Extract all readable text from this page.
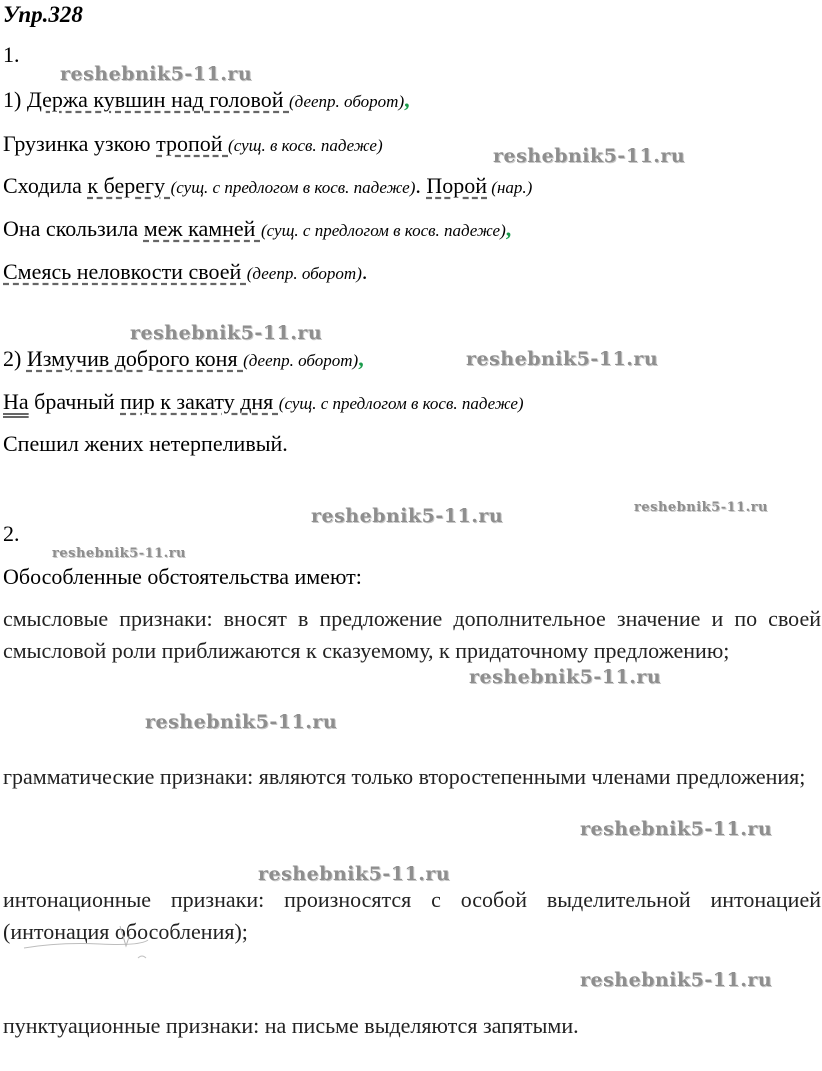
Упр.328
1.
1) Держа кувшин над головой (деепр. оборот),
Грузинка узкою тропой (сущ. в косв. падеже)
Сходила к берегу (сущ. с предлогом в косв. падеже). Порой (нар.)
Она скользила меж камней (сущ. с предлогом в косв. падеже),
Смеясь неловкости своей (деепр. оборот).
2) Измучив доброго коня (деепр. оборот),
На брачный пир к закату дня (сущ. с предлогом в косв. падеже)
Спешил жених нетерпеливый.
2.
Обособленные обстоятельства имеют:
смысловые признаки: вносят в предложение дополнительное значение и по своей смысловой роли приближаются к сказуемому, к придаточному предложению;
грамматические признаки: являются только второстепенными членами предложения;
интонационные признаки: произносятся с особой выделительной интонацией (интонация обособления);
пунктуационные признаки: на письме выделяются запятыми.
reshebnik5-11.ru
reshebnik5-11.ru
reshebnik5-11.ru
reshebnik5-11.ru
reshebnik5-11.ru	reshebnik5-11.ru
reshebnik5-11.ru
reshebnik5-11.ru
reshebnik5-11.ru
reshebnik5-11.ru
reshebnik5-11.ru
reshebnik5-11.ru
